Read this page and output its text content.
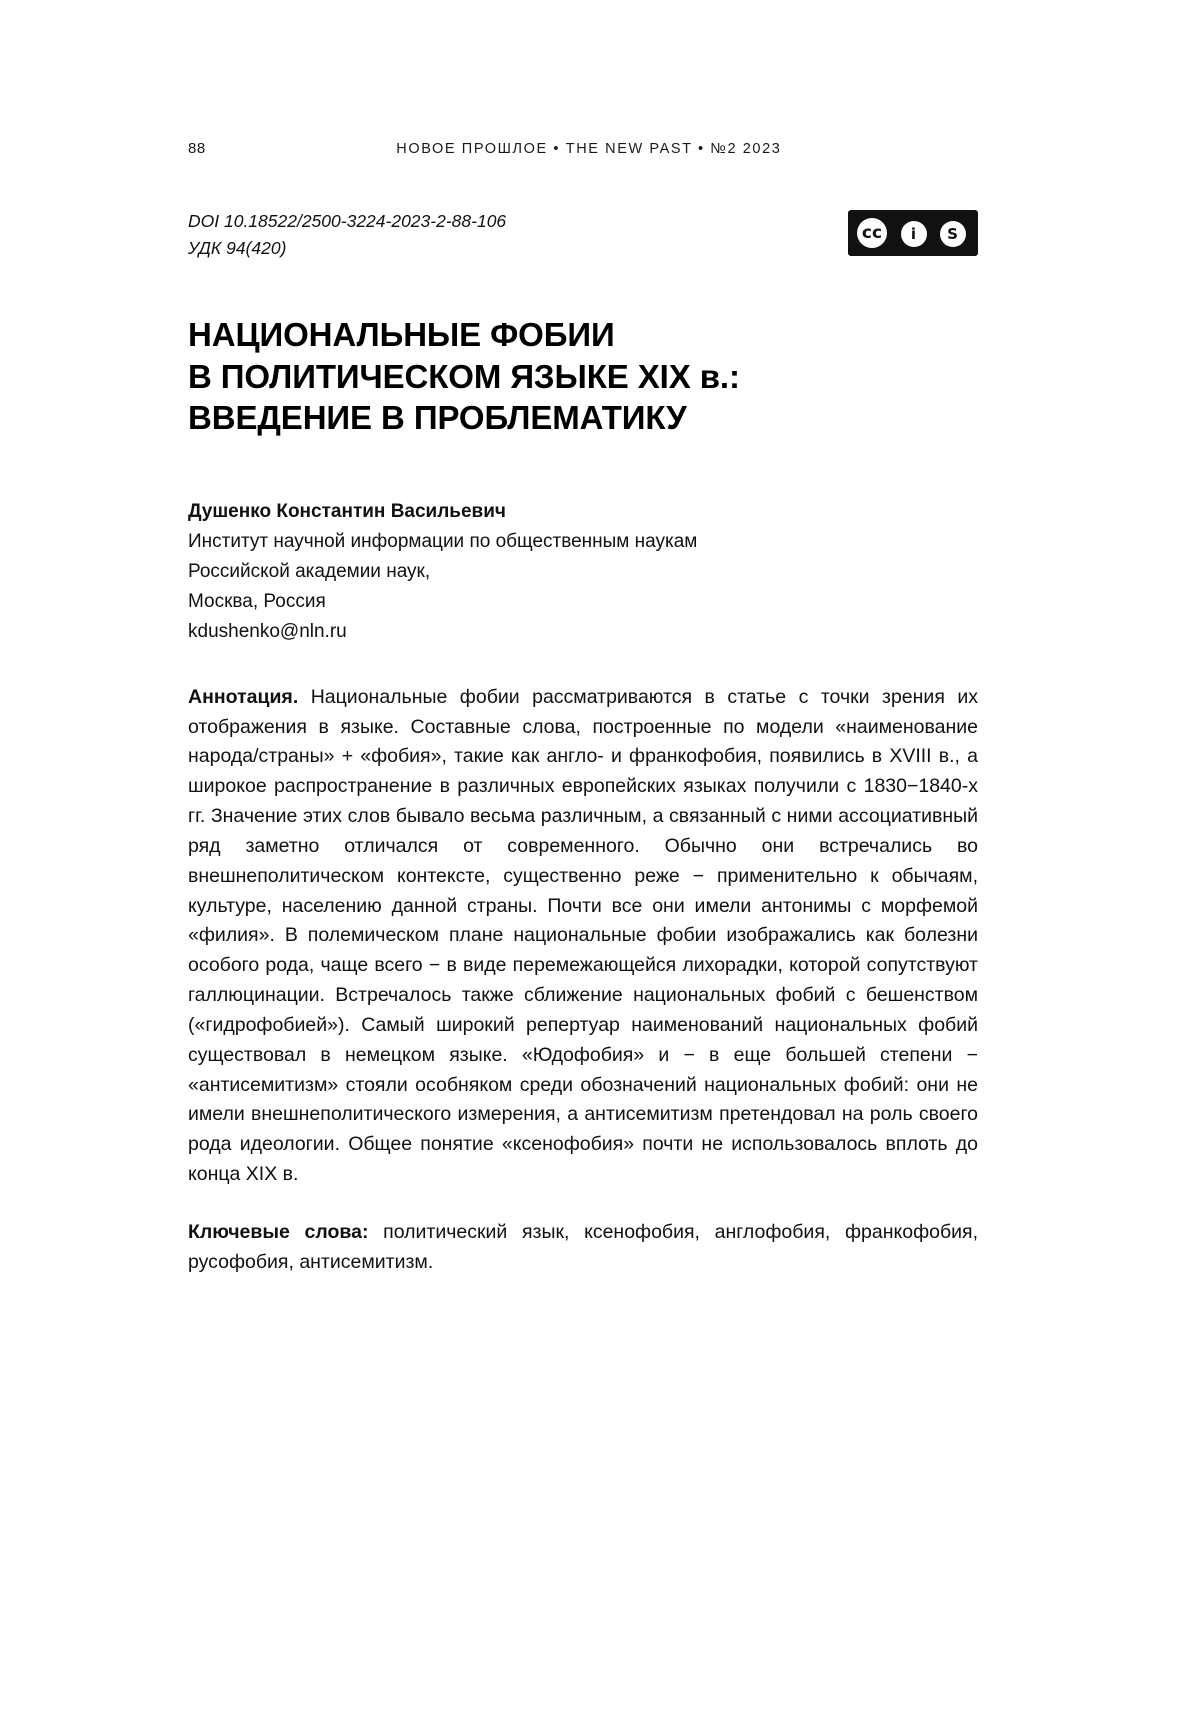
88	НОВОЕ ПРОШЛОЕ • THE NEW PAST • №2 2023
DOI 10.18522/2500-3224-2023-2-88-106
УДК 94(420)
cc	i
BY
S
NC
НАЦИОНАЛЬНЫЕ ФОБИИ
В ПОЛИТИЧЕСКОМ ЯЗЫКЕ XIX в.:
ВВЕДЕНИЕ В ПРОБЛЕМАТИКУ
Душенко Константин Васильевич
Институт научной информации по общественным наукам
Российской академии наук,
Москва, Россия
kdushenko@nln.ru

Аннотация. Национальные фобии рассматриваются в статье с точки зрения их отображения в языке. Составные слова, построенные по модели «наименование народа/страны» + «фобия», такие как англо- и франкофобия, появились в XVIII в., а широкое распространение в различных европейских языках получили с 1830−1840-х гг. Значение этих слов бывало весьма различным, а связанный с ними ассоциативный ряд заметно отличался от современного. Обычно они встречались во внешнеполитическом контексте, существенно реже − применительно к обычаям, культуре, населению данной страны. Почти все они имели антонимы с морфемой «филия». В полемическом плане национальные фобии изображались как болезни особого рода, чаще всего − в виде перемежающейся лихорадки, которой сопутствуют галлюцинации. Встречалось также сближение национальных фобий с бешенством («гидрофобией»). Самый широкий репертуар наименований национальных фобий существовал в немецком языке. «Юдофобия» и − в еще большей степени − «антисемитизм» стояли особняком среди обозначений национальных фобий: они не имели внешнеполитического измерения, а антисемитизм претендовал на роль своего рода идеологии. Общее понятие «ксенофобия» почти не использовалось вплоть до конца XIX в.

Ключевые слова: политический язык, ксенофобия, англофобия, франкофобия, русофобия, антисемитизм.
